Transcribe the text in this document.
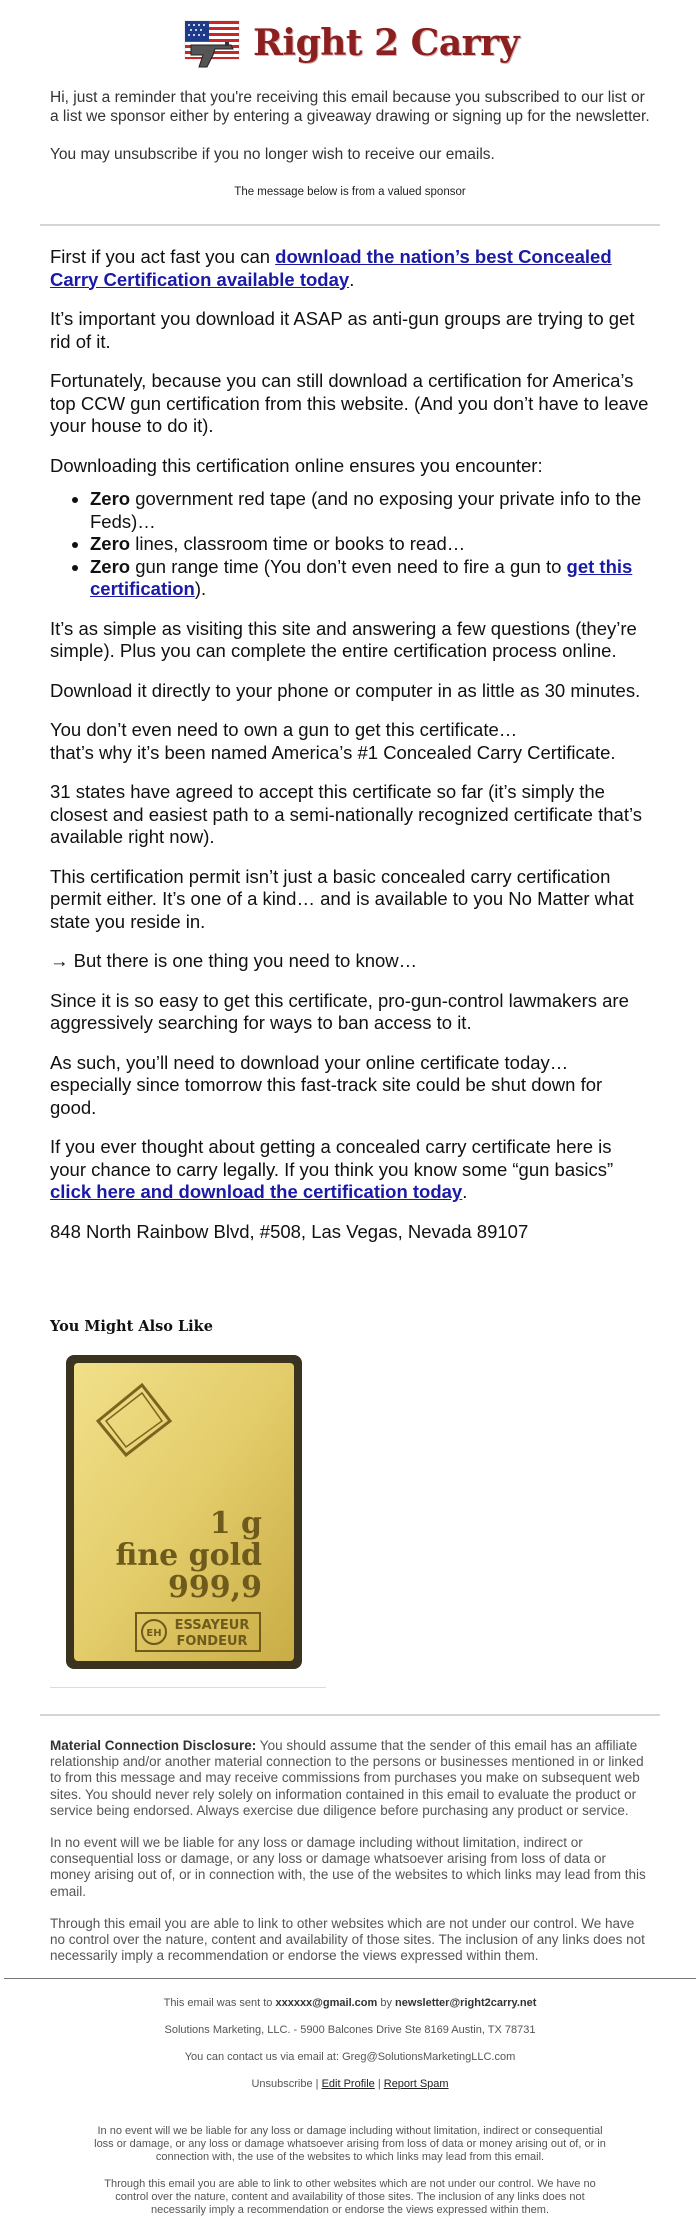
Right 2 Carry

Hi, just a reminder that you're receiving this email because you subscribed to our list or a list we sponsor either by entering a giveaway drawing or signing up for the newsletter.

You may unsubscribe if you no longer wish to receive our emails.

The message below is from a valued sponsor

First if you act fast you can download the nation’s best Concealed Carry Certification available today.

It’s important you download it ASAP as anti-gun groups are trying to get rid of it.

Fortunately, because you can still download a certification for America’s top CCW gun certification from this website. (And you don’t have to leave your house to do it).

Downloading this certification online ensures you encounter:

• Zero government red tape (and no exposing your private info to the Feds)…
• Zero lines, classroom time or books to read…
• Zero gun range time (You don’t even need to fire a gun to get this certification).

It’s as simple as visiting this site and answering a few questions (they’re simple). Plus you can complete the entire certification process online.

Download it directly to your phone or computer in as little as 30 minutes.

You don’t even need to own a gun to get this certificate…
that’s why it’s been named America’s #1 Concealed Carry Certificate.

31 states have agreed to accept this certificate so far (it’s simply the closest and easiest path to a semi-nationally recognized certificate that’s available right now).

This certification permit isn’t just a basic concealed carry certification permit either. It’s one of a kind… and is available to you No Matter what state you reside in.

→ But there is one thing you need to know…

Since it is so easy to get this certificate, pro-gun-control lawmakers are aggressively searching for ways to ban access to it.

As such, you’ll need to download your online certificate today… especially since tomorrow this fast-track site could be shut down for good.

If you ever thought about getting a concealed carry certificate here is your chance to carry legally. If you think you know some “gun basics” click here and download the certification today.

848 North Rainbow Blvd, #508, Las Vegas, Nevada 89107

You Might Also Like
1 g
fine gold
999,9
EH
ESSAYEUR
FONDEUR

Material Connection Disclosure: You should assume that the sender of this email has an affiliate relationship and/or another material connection to the persons or businesses mentioned in or linked to from this message and may receive commissions from purchases you make on subsequent web sites. You should never rely solely on information contained in this email to evaluate the product or service being endorsed. Always exercise due diligence before purchasing any product or service.

In no event will we be liable for any loss or damage including without limitation, indirect or consequential loss or damage, or any loss or damage whatsoever arising from loss of data or money arising out of, or in connection with, the use of the websites to which links may lead from this email.

Through this email you are able to link to other websites which are not under our control. We have no control over the nature, content and availability of those sites. The inclusion of any links does not necessarily imply a recommendation or endorse the views expressed within them.

This email was sent to xxxxxx@gmail.com by newsletter@right2carry.net
Solutions Marketing, LLC. - 5900 Balcones Drive Ste 8169 Austin, TX 78731
You can contact us via email at: Greg@SolutionsMarketingLLC.com
Unsubscribe | Edit Profile | Report Spam
In no event will we be liable for any loss or damage including without limitation, indirect or consequential loss or damage, or any loss or damage whatsoever arising from loss of data or money arising out of, or in connection with, the use of the websites to which links may lead from this email.
Through this email you are able to link to other websites which are not under our control. We have no control over the nature, content and availability of those sites. The inclusion of any links does not necessarily imply a recommendation or endorse the views expressed within them.
